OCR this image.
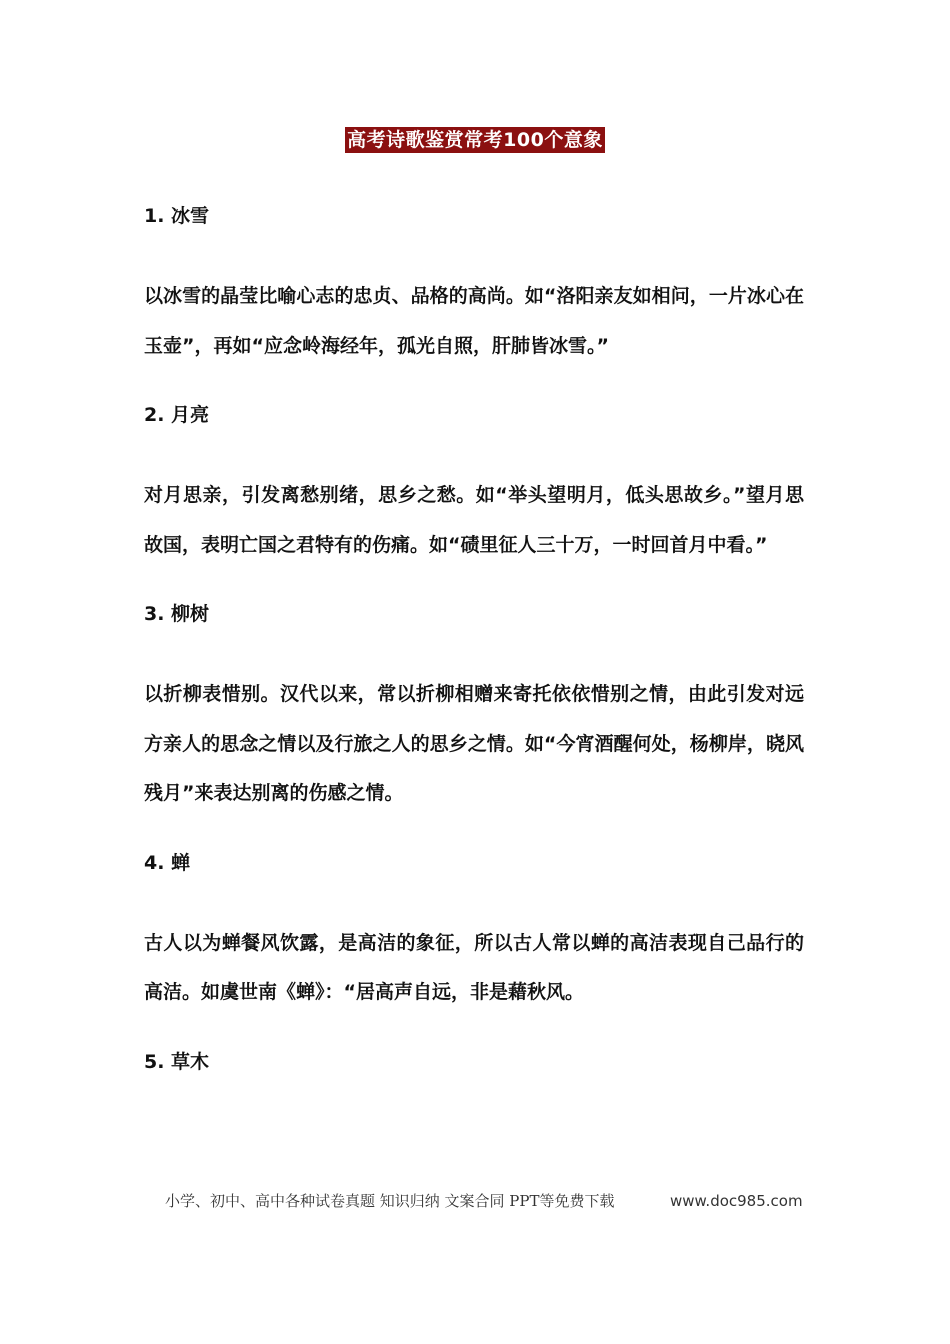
高考诗歌鉴赏常考100个意象
1. 冰雪
以冰雪的晶莹比喻心志的忠贞、品格的高尚。如“洛阳亲友如相问，一片冰心在玉壶”，再如“应念岭海经年，孤光自照，肝肺皆冰雪。”
2. 月亮
对月思亲，引发离愁别绪，思乡之愁。如“举头望明月，低头思故乡。”望月思故国，表明亡国之君特有的伤痛。如“碛里征人三十万，一时回首月中看。”
3. 柳树
以折柳表惜别。汉代以来，常以折柳相赠来寄托依依惜别之情，由此引发对远方亲人的思念之情以及行旅之人的思乡之情。如“今宵酒醒何处，杨柳岸，晓风残月”来表达别离的伤感之情。
4. 蝉
古人以为蝉餐风饮露，是高洁的象征，所以古人常以蝉的高洁表现自己品行的高洁。如虞世南《蝉》：“居高声自远，非是藉秋风。
5. 草木
小学、初中、高中各种试卷真题 知识归纳 文案合同 PPT等免费下载	www.doc985.com
